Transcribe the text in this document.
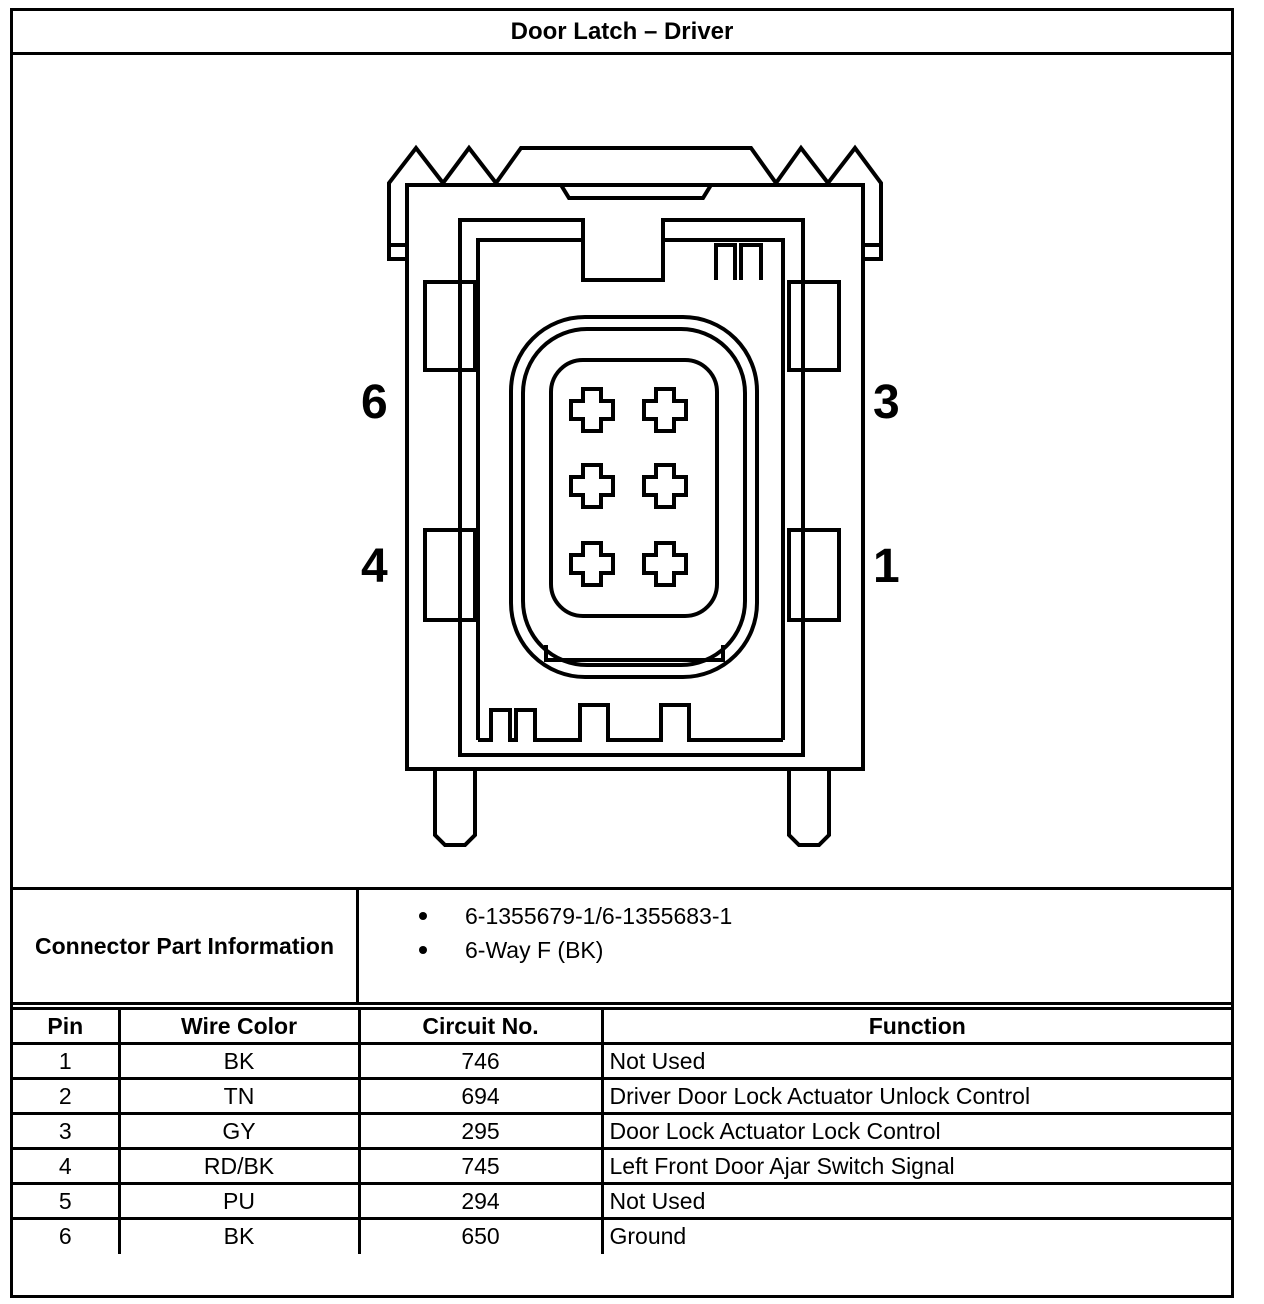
Door Latch – Driver
6	3
4	1
Connector Part Information
6-1355679-1/6-1355683-1
6-Way F (BK)
Pin	Wire Color	Circuit No.	Function
1	BK	746	Not Used
2	TN	694	Driver Door Lock Actuator Unlock Control
3	GY	295	Door Lock Actuator Lock Control
4	RD/BK	745	Left Front Door Ajar Switch Signal
5	PU	294	Not Used
6	BK	650	Ground
